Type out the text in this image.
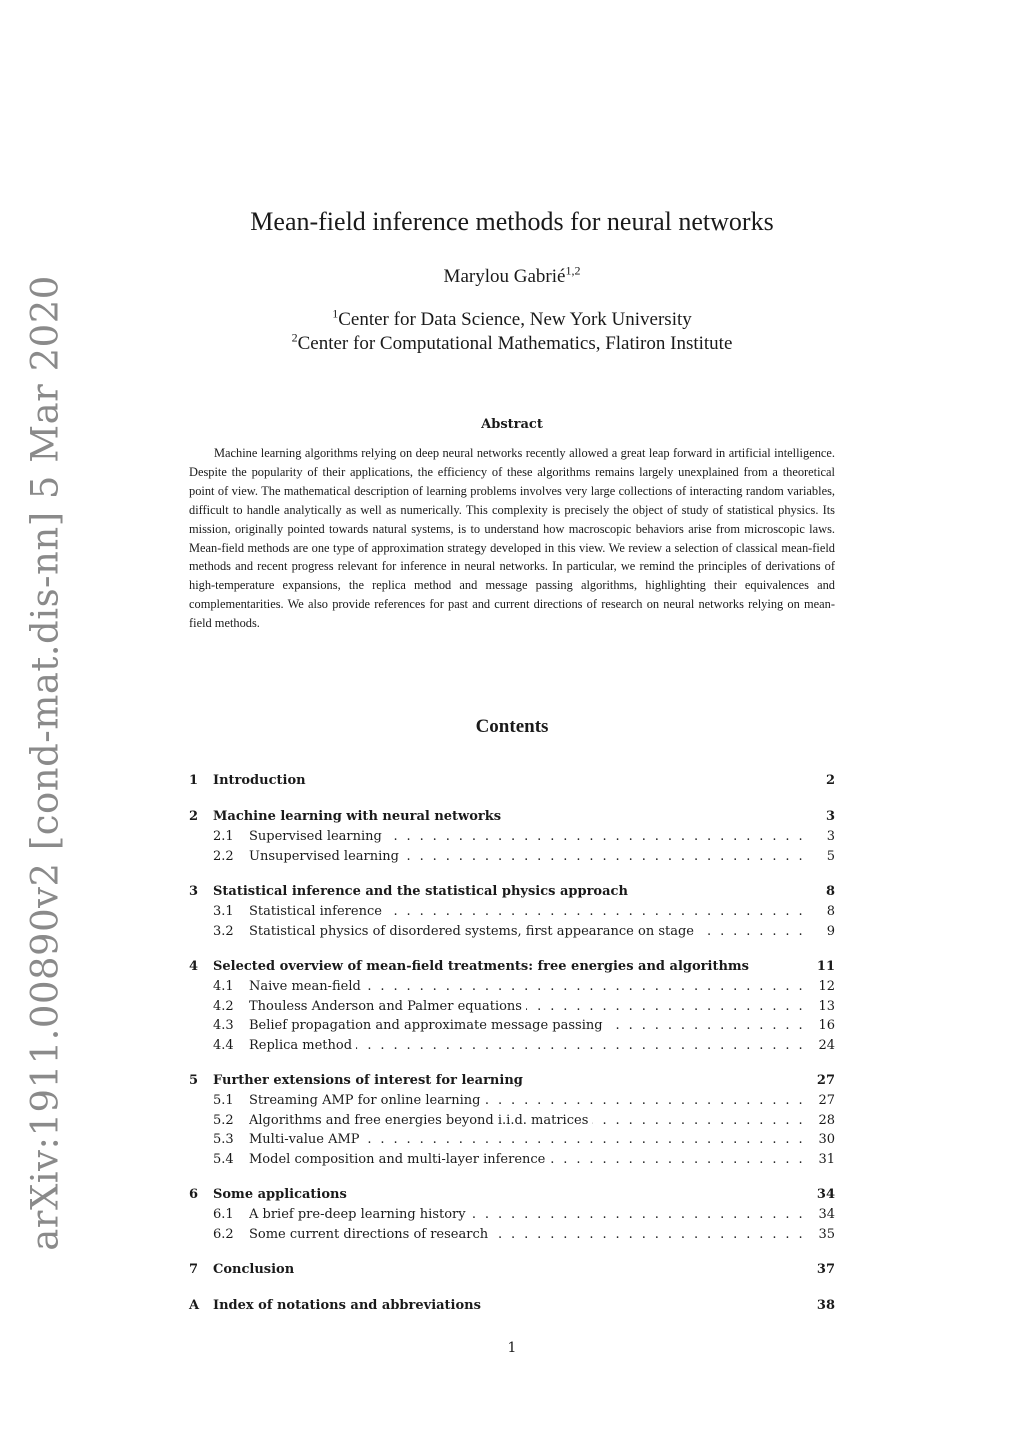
arXiv:1911.00890v2 [cond-mat.dis-nn] 5 Mar 2020
Mean-field inference methods for neural networks
Marylou Gabrié$^{1,2}$
$^1$Center for Data Science, New York University
$^2$Center for Computational Mathematics, Flatiron Institute
Abstract

Machine learning algorithms relying on deep neural networks recently allowed a great leap forward in artificial intelligence. Despite the popularity of their applications, the efficiency of these algorithms remains largely unexplained from a theoretical point of view. The mathematical description of learning problems involves very large collections of interacting random variables, difficult to handle analytically as well as numerically. This complexity is precisely the object of study of statistical physics. Its mission, originally pointed towards natural systems, is to understand how macroscopic behaviors arise from microscopic laws. Mean-field methods are one type of approximation strategy developed in this view. We review a selection of classical mean-field methods and recent progress relevant for inference in neural networks. In particular, we remind the principles of derivations of high-temperature expansions, the replica method and message passing algorithms, highlighting their equivalences and complementarities. We also provide references for past and current directions of research on neural networks relying on mean-field methods.

Contents
1 Introduction	2
2 Machine learning with neural networks	3
2.1 Supervised learning . . .	3
2.2 Unsupervised learning . . .	5
3 Statistical inference and the statistical physics approach	8
3.1 Statistical inference . . .	8
3.2 Statistical physics of disordered systems, first appearance on stage . . .	9
4 Selected overview of mean-field treatments: free energies and algorithms	11
4.1 Naive mean-field . . .	12
4.2 Thouless Anderson and Palmer equations . . .	13
4.3 Belief propagation and approximate message passing . . .	16
4.4 Replica method . . .	24
5 Further extensions of interest for learning	27
5.1 Streaming AMP for online learning . . .	27
5.2 Algorithms and free energies beyond i.i.d. matrices . . .	28
5.3 Multi-value AMP . . .	30
5.4 Model composition and multi-layer inference . . .	31
6 Some applications	34
6.1 A brief pre-deep learning history . . .	34
6.2 Some current directions of research . . .	35
7 Conclusion	37
A Index of notations and abbreviations	38
1
